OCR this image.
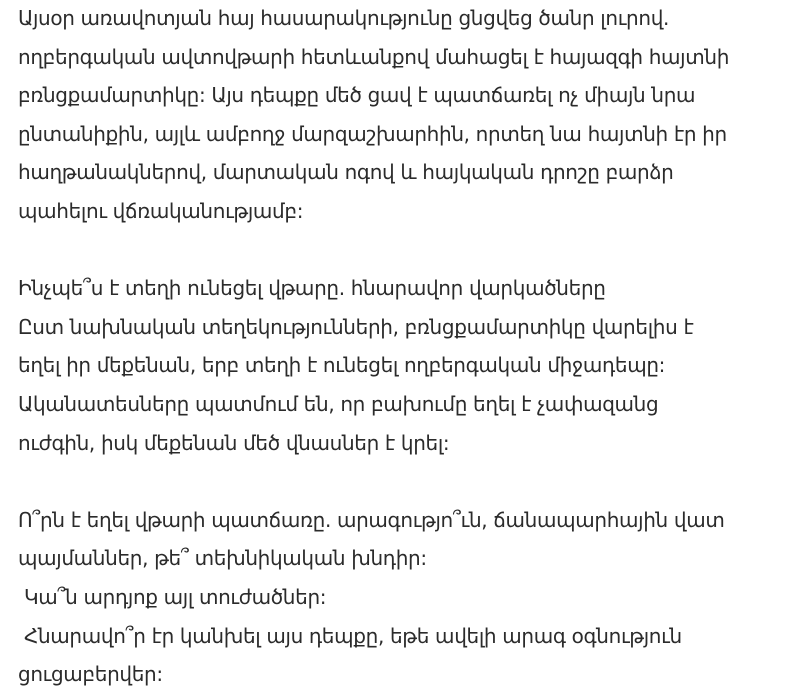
Այսօր առավոտյան հայ հասարակությունը ցնցվեց ծանր լուրով.
ողբերգական ավտովթարի հետևանքով մահացել է հայազգի հայտնի
բռնցքամարտիկը: Այս դեպքը մեծ ցավ է պատճառել ոչ միայն նրա
ընտանիքին, այլև ամբողջ մարզաշխարհին, որտեղ նա հայտնի էր իր
հաղթանակներով, մարտական ոգով և հայկական դրոշը բարձր
պահելու վճռականությամբ:
Ինչպե՞ս է տեղի ունեցել վթարը. հնարավոր վարկածները
Ըստ նախնական տեղեկությունների, բռնցքամարտիկը վարելիս է
եղել իր մեքենան, երբ տեղի է ունեցել ողբերգական միջադեպը:
Ականատեսները պատմում են, որ բախումը եղել է չափազանց
ուժգին, իսկ մեքենան մեծ վնասներ է կրել:
Ո՞րն է եղել վթարի պատճառը. արագությո՞ւն, ճանապարհային վատ
պայմաններ, թե՞ տեխնիկական խնդիր:
Կա՞ն արդյոք այլ տուժածներ:
Հնարավո՞ր էր կանխել այս դեպքը, եթե ավելի արագ օգնություն
ցուցաբերվեր:
